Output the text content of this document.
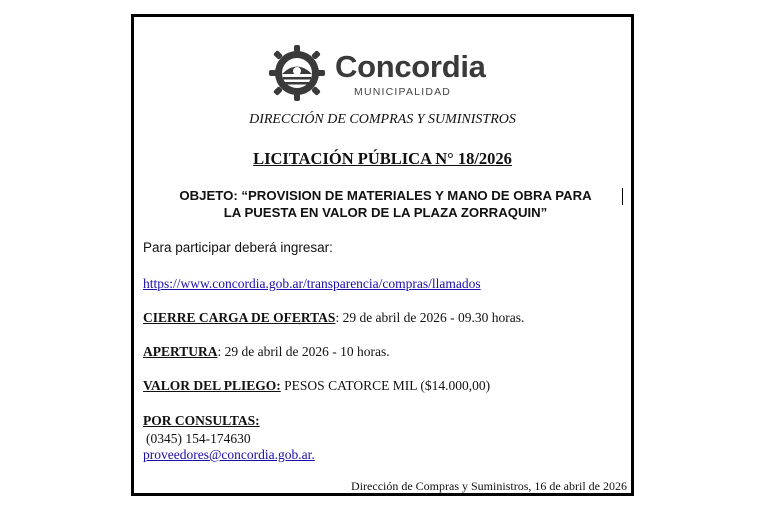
Concordia
MUNICIPALIDAD
DIRECCIÓN DE COMPRAS Y SUMINISTROS
LICITACIÓN PÚBLICA N° 18/2026
OBJETO: “PROVISION DE MATERIALES Y MANO DE OBRA PARA
LA PUESTA EN VALOR DE LA PLAZA ZORRAQUIN”
Para participar deberá ingresar:
https://www.concordia.gob.ar/transparencia/compras/llamados
CIERRE CARGA DE OFERTAS: 29 de abril de 2026 - 09.30 horas.
APERTURA: 29 de abril de 2026 - 10 horas.
VALOR DEL PLIEGO: PESOS CATORCE MIL ($14.000,00)
POR CONSULTAS:
(0345) 154-174630
proveedores@concordia.gob.ar.
Dirección de Compras y Suministros, 16 de abril de 2026
